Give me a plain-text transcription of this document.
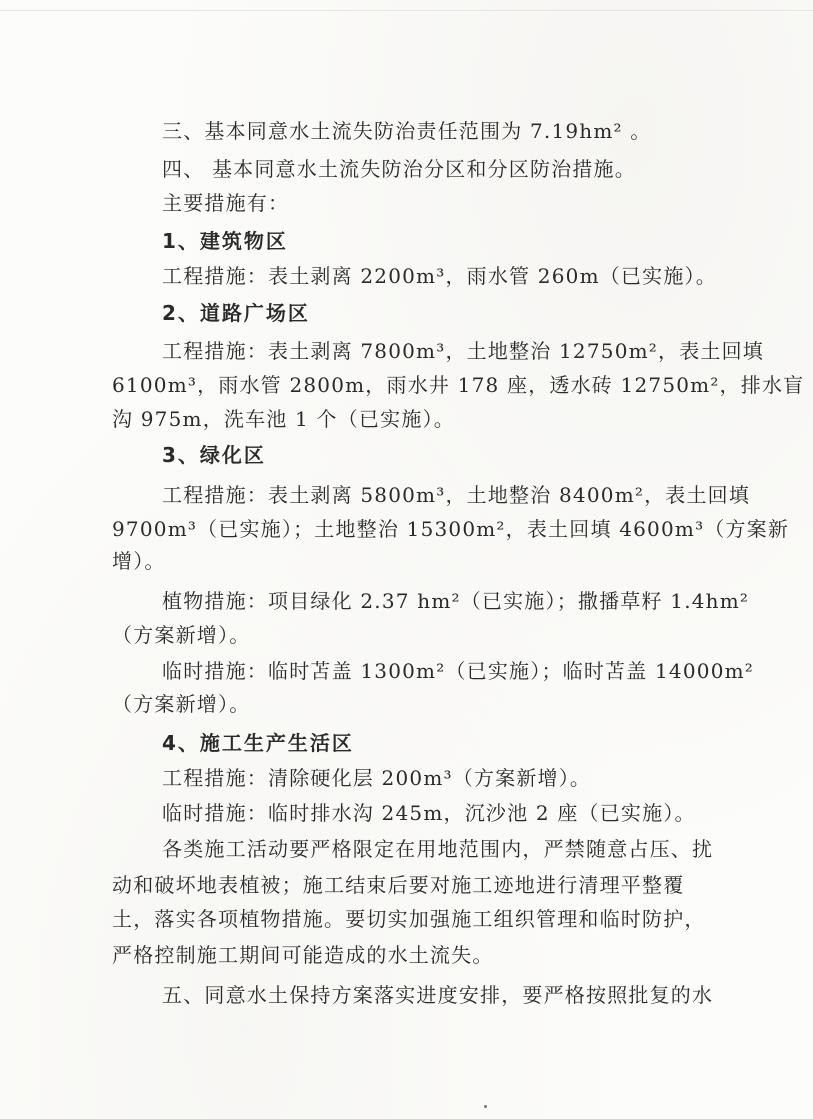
三、基本同意水土流失防治责任范围为 7.19hm² 。
四、 基本同意水土流失防治分区和分区防治措施。
主要措施有：
1、建筑物区
工程措施：表土剥离 2200m³，雨水管 260m（已实施）。
2、道路广场区
工程措施：表土剥离 7800m³，土地整治 12750m²，表土回填
6100m³，雨水管 2800m，雨水井 178 座，透水砖 12750m²，排水盲
沟 975m，洗车池 1 个（已实施）。
3、绿化区
工程措施：表土剥离 5800m³，土地整治 8400m²，表土回填
9700m³（已实施）；土地整治 15300m²，表土回填 4600m³（方案新
增）。
植物措施：项目绿化 2.37 hm²（已实施）；撒播草籽 1.4hm²
（方案新增）。
临时措施：临时苫盖 1300m²（已实施）；临时苫盖 14000m²
（方案新增）。
4、施工生产生活区
工程措施：清除硬化层 200m³（方案新增）。
临时措施：临时排水沟 245m，沉沙池 2 座（已实施）。
各类施工活动要严格限定在用地范围内，严禁随意占压、扰
动和破坏地表植被；施工结束后要对施工迹地进行清理平整覆
土，落实各项植物措施。要切实加强施工组织管理和临时防护，
严格控制施工期间可能造成的水土流失。
五、同意水土保持方案落实进度安排，要严格按照批复的水
